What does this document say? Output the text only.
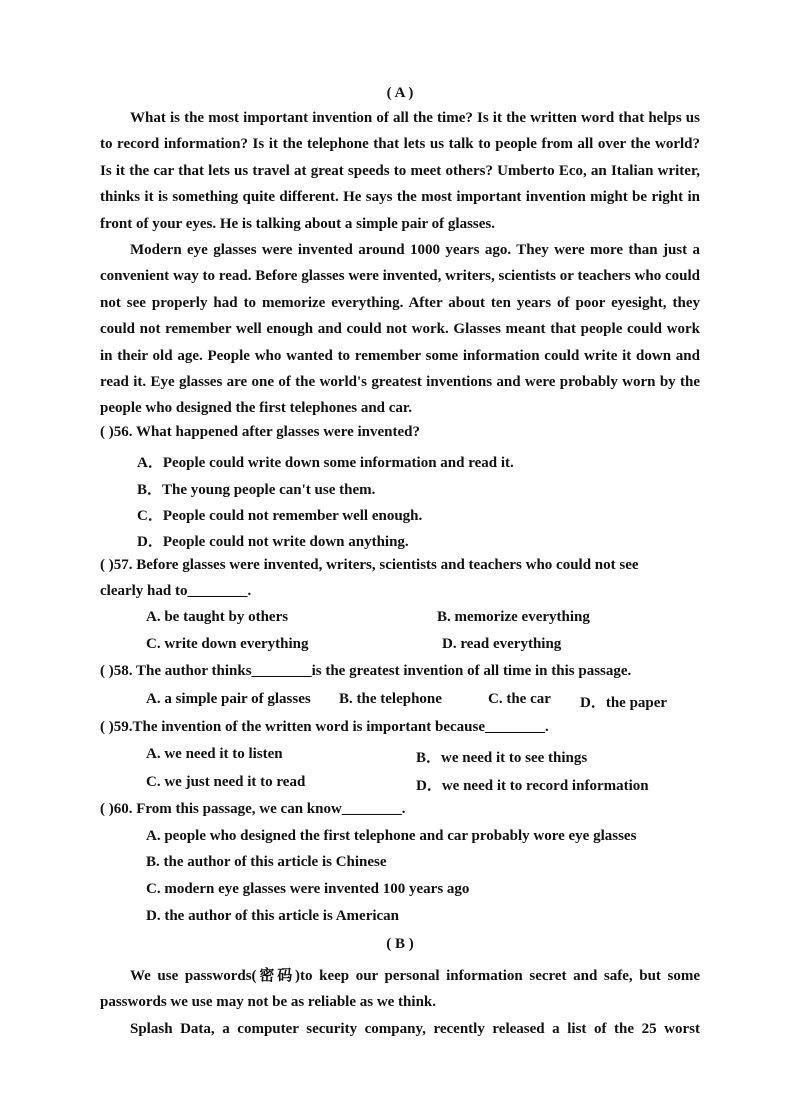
( A )

What is the most important invention of all the time? Is it the written word that helps us to record information? Is it the telephone that lets us talk to people from all over the world? Is it the car that lets us travel at great speeds to meet others? Umberto Eco, an Italian writer, thinks it is something quite different. He says the most important invention might be right in front of your eyes. He is talking about a simple pair of glasses.

Modern eye glasses were invented around 1000 years ago. They were more than just a convenient way to read. Before glasses were invented, writers, scientists or teachers who could not see properly had to memorize everything. After about ten years of poor eyesight, they could not remember well enough and could not work. Glasses meant that people could work in their old age. People who wanted to remember some information could write it down and read it. Eye glasses are one of the world's greatest inventions and were probably worn by the people who designed the first telephones and car.

( )56. What happened after glasses were invented?
A．People could write down some information and read it.
B．The young people can't use them.
C．People could not remember well enough.
D．People could not write down anything.
( )57. Before glasses were invented, writers, scientists and teachers who could not see
clearly had to________.
A. be taught by others	B. memorize everything
C. write down everything	D. read everything
( )58. The author thinks________is the greatest invention of all time in this passage.
A. a simple pair of glasses B. the telephone	C. the car D．the paper
( )59.The invention of the written word is important because________.
A. we need it to listen	B．we need it to see things
C. we just need it to read	D．we need it to record information
( )60. From this passage, we can know________.
A. people who designed the first telephone and car probably wore eye glasses
B. the author of this article is Chinese
C. modern eye glasses were invented 100 years ago
D. the author of this article is American
( B )

We use passwords(密码)to keep our personal information secret and safe, but some passwords we use may not be as reliable as we think.

Splash Data, a computer security company, recently released a list of the 25 worst
